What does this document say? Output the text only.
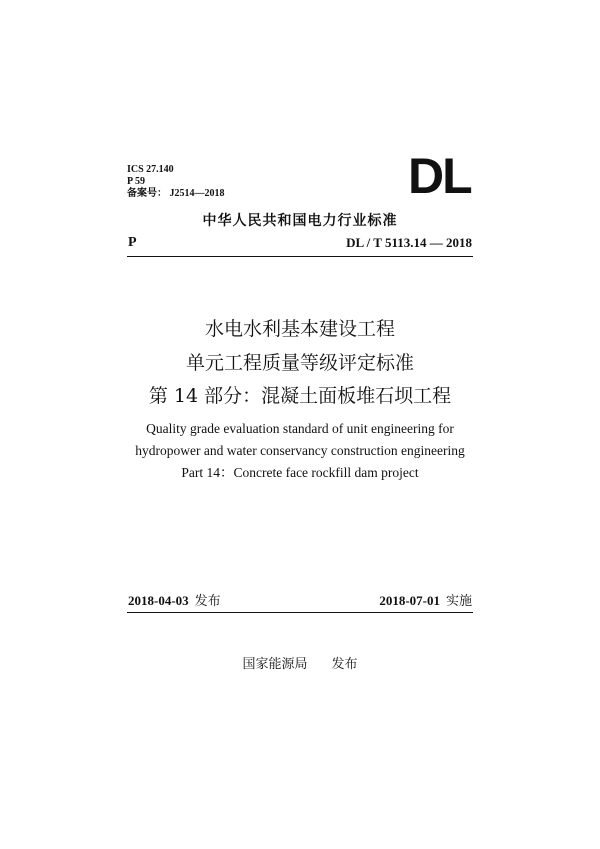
ICS 27.140
P 59
备案号： J2514—2018	DL
中华人民共和国电力行业标准
P	DL / T 5113.14 — 2018
水电水利基本建设工程
单元工程质量等级评定标准
第 14 部分：混凝土面板堆石坝工程
Quality grade evaluation standard of unit engineering for
hydropower and water conservancy construction engineering
Part 14：Concrete face rockfill dam project
2018-04-03 发布	2018-07-01 实施
国家能源局 发布
